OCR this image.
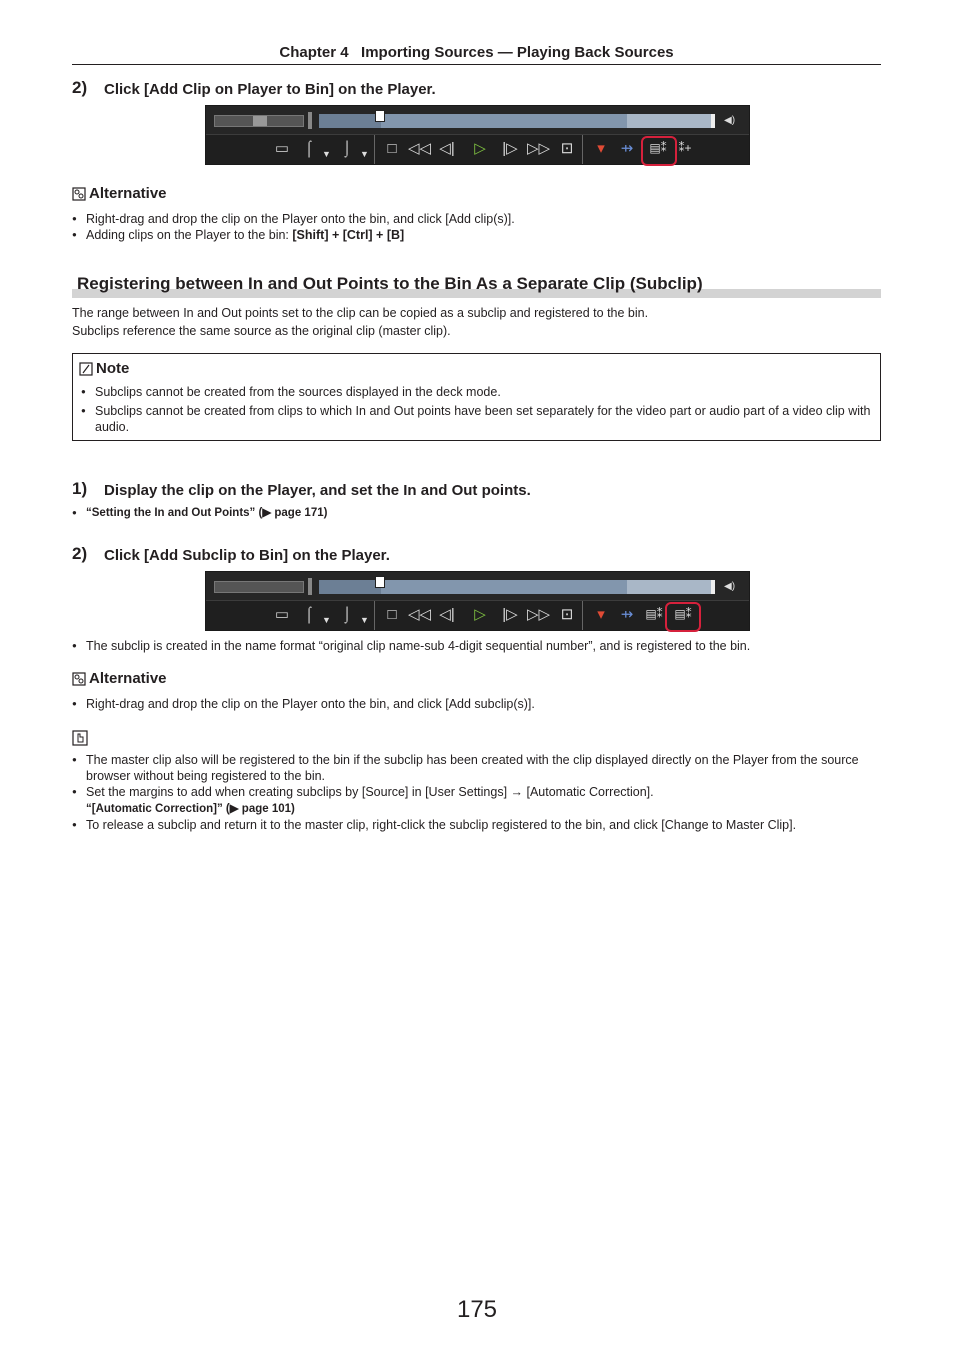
Chapter 4   Importing Sources — Playing Back Sources
2) Click [Add Clip on Player to Bin] on the Player.
◀)
▭ ⌠ ▼ ⌡ ▼ □ ◁◁ ◁| ▷ |▷ ▷▷ ⊡	▾	⇸	▤⁑ ⁑+
Alternative
● Right-drag and drop the clip on the Player onto the bin, and click [Add clip(s)].
● Adding clips on the Player to the bin: [Shift] + [Ctrl] + [B]
Registering between In and Out Points to the Bin As a Separate Clip (Subclip)
The range between In and Out points set to the clip can be copied as a subclip and registered to the bin.
Subclips reference the same source as the original clip (master clip).
Note
● Subclips cannot be created from the sources displayed in the deck mode.
● Subclips cannot be created from clips to which In and Out points have been set separately for the video part or audio part of a video clip with audio.
1) Display the clip on the Player, and set the In and Out points.
● “Setting the In and Out Points” (▶ page 171)
2) Click [Add Subclip to Bin] on the Player.
◀)
▭ ⌠ ▼ ⌡ ▼ □ ◁◁ ◁| ▷ |▷ ▷▷ ⊡	▾	⇸ ▤⁑ ▤⁑
● The subclip is created in the name format “original clip name-sub 4-digit sequential number”, and is registered to the bin.
Alternative
● Right-drag and drop the clip on the Player onto the bin, and click [Add subclip(s)].
● The master clip also will be registered to the bin if the subclip has been created with the clip displayed directly on the Player from the source browser without being registered to the bin.
● Set the margins to add when creating subclips by [Source] in [User Settings] → [Automatic Correction].
“[Automatic Correction]” (▶ page 101)
● To release a subclip and return it to the master clip, right-click the subclip registered to the bin, and click [Change to Master Clip].
175
